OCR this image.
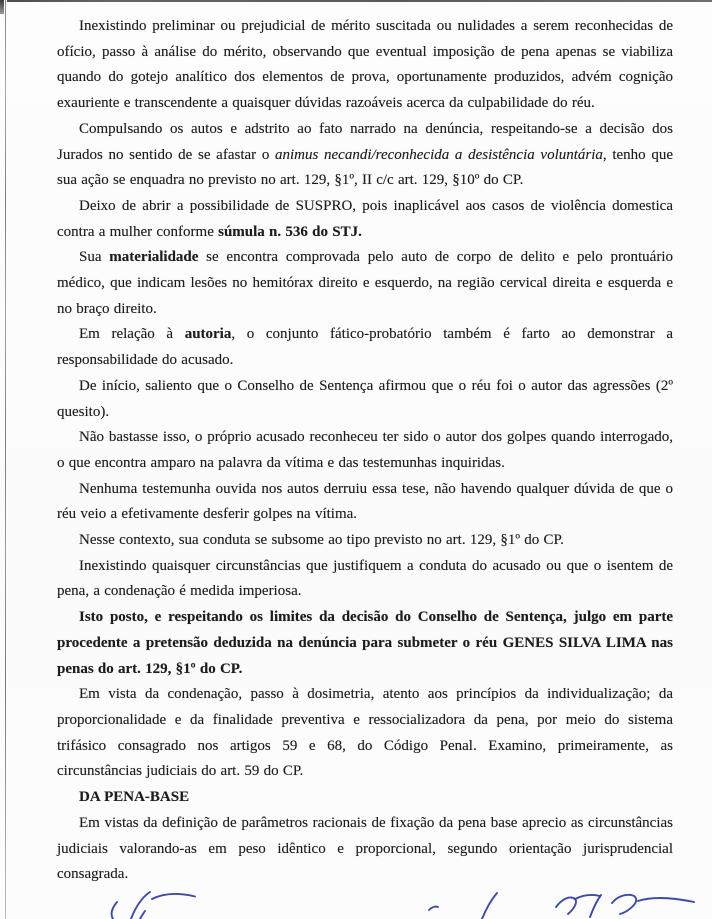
Inexistindo preliminar ou prejudicial de mérito suscitada ou nulidades a serem reconhecidas de ofício, passo à análise do mérito, observando que eventual imposição de pena apenas se viabiliza quando do gotejo analítico dos elementos de prova, oportunamente produzidos, advém cognição exauriente e transcendente a quaisquer dúvidas razoáveis acerca da culpabilidade do réu.

Compulsando os autos e adstrito ao fato narrado na denúncia, respeitando-se a decisão dos Jurados no sentido de se afastar o animus necandi/reconhecida a desistência voluntária, tenho que sua ação se enquadra no previsto no art. 129, §1º, II c/c art. 129, §10º do CP.

Deixo de abrir a possibilidade de SUSPRO, pois inaplicável aos casos de violência domestica contra a mulher conforme súmula n. 536 do STJ.

Sua materialidade se encontra comprovada pelo auto de corpo de delito e pelo prontuário médico, que indicam lesões no hemitórax direito e esquerdo, na região cervical direita e esquerda e no braço direito.

Em relação à autoria, o conjunto fático-probatório também é farto ao demonstrar a responsabilidade do acusado.

De início, saliento que o Conselho de Sentença afirmou que o réu foi o autor das agressões (2º quesito).

Não bastasse isso, o próprio acusado reconheceu ter sido o autor dos golpes quando interrogado, o que encontra amparo na palavra da vítima e das testemunhas inquiridas.

Nenhuma testemunha ouvida nos autos derruiu essa tese, não havendo qualquer dúvida de que o réu veio a efetivamente desferir golpes na vítima.

Nesse contexto, sua conduta se subsome ao tipo previsto no art. 129, §1º do CP.

Inexistindo quaisquer circunstâncias que justifiquem a conduta do acusado ou que o isentem de pena, a condenação é medida imperiosa.

Isto posto, e respeitando os limites da decisão do Conselho de Sentença, julgo em parte procedente a pretensão deduzida na denúncia para submeter o réu GENES SILVA LIMA nas penas do art. 129, §1º do CP.

Em vista da condenação, passo à dosimetria, atento aos princípios da individualização; da proporcionalidade e da finalidade preventiva e ressocializadora da pena, por meio do sistema trifásico consagrado nos artigos 59 e 68, do Código Penal. Examino, primeiramente, as circunstâncias judiciais do art. 59 do CP.

DA PENA-BASE

Em vistas da definição de parâmetros racionais de fixação da pena base aprecio as circunstâncias judiciais valorando-as em peso idêntico e proporcional, segundo orientação jurisprudencial consagrada.
